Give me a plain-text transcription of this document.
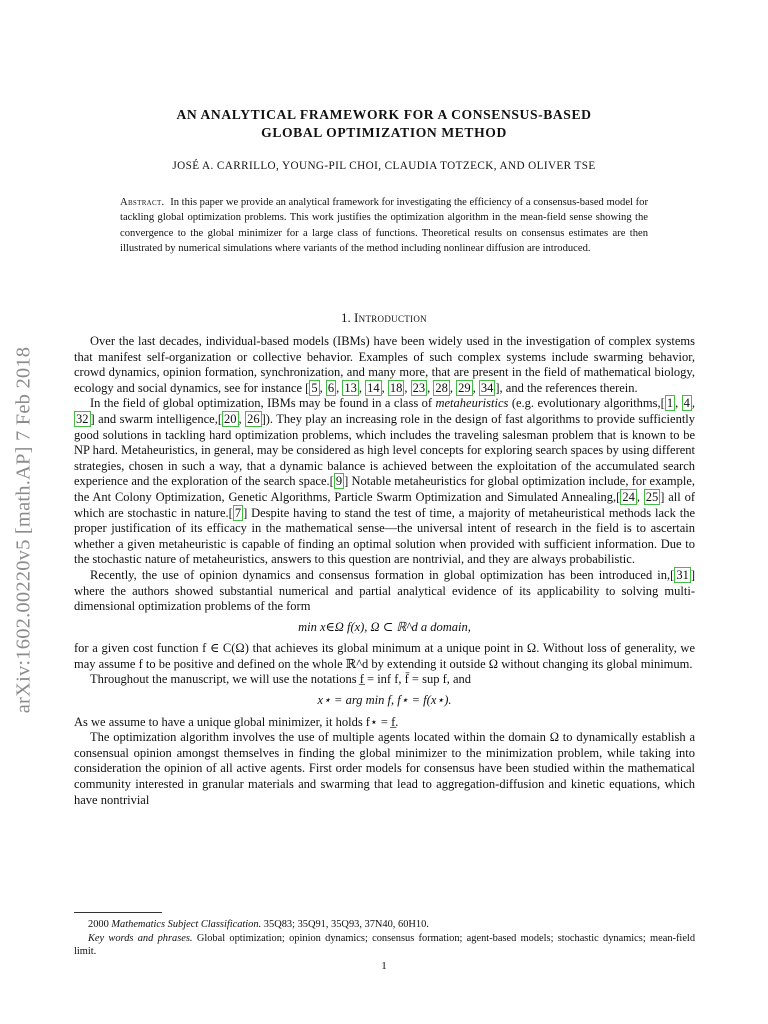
AN ANALYTICAL FRAMEWORK FOR A CONSENSUS-BASED
GLOBAL OPTIMIZATION METHOD
JOSÉ A. CARRILLO, YOUNG-PIL CHOI, CLAUDIA TOTZECK, AND OLIVER TSE
Abstract. In this paper we provide an analytical framework for investigating the efficiency of a consensus-based model for tackling global optimization problems. This work justifies the optimization algorithm in the mean-field sense showing the convergence to the global minimizer for a large class of functions. Theoretical results on consensus estimates are then illustrated by numerical simulations where variants of the method including nonlinear diffusion are introduced.
arXiv:1602.00220v5 [math.AP] 7 Feb 2018
1. Introduction

Over the last decades, individual-based models (IBMs) have been widely used in the investigation of complex systems that manifest self-organization or collective behavior. Examples of such complex systems include swarming behavior, crowd dynamics, opinion formation, synchronization, and many more, that are present in the field of mathematical biology, ecology and social dynamics, see for instance [ 5 , 6 , 13 , 14 , 18 , 23 , 28 , 29 , 34 ], and the references therein.

In the field of global optimization, IBMs may be found in a class of metaheuristics (e.g. evolutionary algorithms,[ 1 , 4 , 32 ] and swarm intelligence,[ 20 , 26 ]). They play an increasing role in the design of fast algorithms to provide sufficiently good solutions in tackling hard optimization problems, which includes the traveling salesman problem that is known to be NP hard. Metaheuristics, in general, may be considered as high level concepts for exploring search spaces by using different strategies, chosen in such a way, that a dynamic balance is achieved between the exploitation of the accumulated search experience and the exploration of the search space.[ 9 ] Notable metaheuristics for global optimization include, for example, the Ant Colony Optimization, Genetic Algorithms, Particle Swarm Optimization and Simulated Annealing,[ 24 , 25 ] all of which are stochastic in nature.[ 7 ] Despite having to stand the test of time, a majority of metaheuristical methods lack the proper justification of its efficacy in the mathematical sense—the universal intent of research in the field is to ascertain whether a given metaheuristic is capable of finding an optimal solution when provided with sufficient information. Due to the stochastic nature of metaheuristics, answers to this question are nontrivial, and they are always probabilistic.

Recently, the use of opinion dynamics and consensus formation in global optimization has been introduced in,[ 31 ] where the authors showed substantial numerical and partial analytical evidence of its applicability to solving multi-dimensional optimization problems of the form

min x∈Ω f(x), Ω ⊂ ℝ^d a domain,

for a given cost function f ∈ C(Ω) that achieves its global minimum at a unique point in Ω. Without loss of generality, we may assume f to be positive and defined on the whole ℝ^d by extending it outside Ω without changing its global minimum.

Throughout the manuscript, we will use the notations f̲ = inf f, f̄ = sup f, and

x⋆ = arg min f, f⋆ = f(x⋆).

As we assume to have a unique global minimizer, it holds f⋆ = f̲.

The optimization algorithm involves the use of multiple agents located within the domain Ω to dynamically establish a consensual opinion amongst themselves in finding the global minimizer to the minimization problem, while taking into consideration the opinion of all active agents. First order models for consensus have been studied within the mathematical community interested in granular materials and swarming that lead to aggregation-diffusion and kinetic equations, which have nontrivial

2000 Mathematics Subject Classification. 35Q83; 35Q91, 35Q93, 37N40, 60H10.

Key words and phrases. Global optimization; opinion dynamics; consensus formation; agent-based models; stochastic dynamics; mean-field limit.

1
